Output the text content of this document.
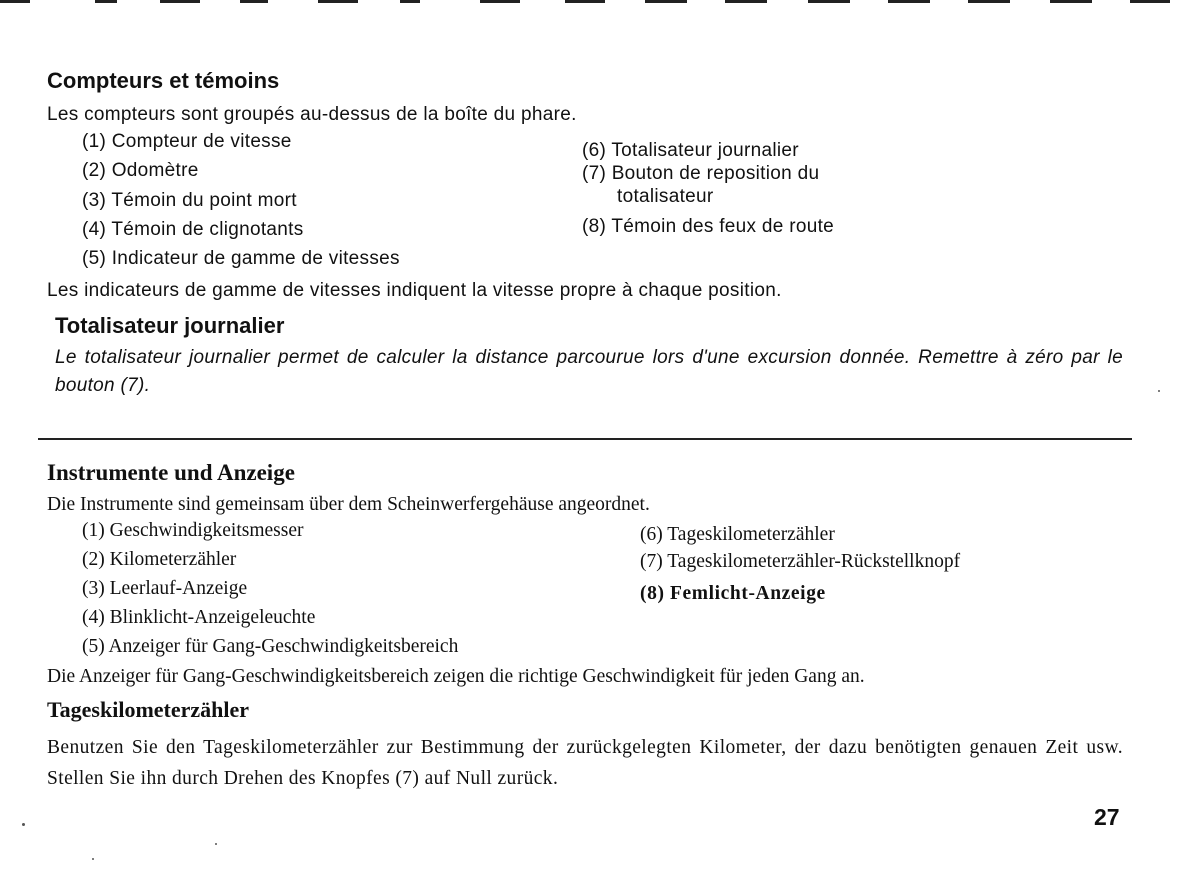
Compteurs et témoins
Les compteurs sont groupés au-dessus de la boîte du phare.
(1) Compteur de vitesse
(2) Odomètre
(3) Témoin du point mort
(4) Témoin de clignotants
(5) Indicateur de gamme de vitesses
(6) Totalisateur journalier
(7) Bouton de reposition du
totalisateur
(8) Témoin des feux de route
Les indicateurs de gamme de vitesses indiquent la vitesse propre à chaque position.
Totalisateur journalier
Le totalisateur journalier permet de calculer la distance parcourue lors d'une excursion donnée. Remettre à zéro par le bouton (7).
Instrumente und Anzeige
Die Instrumente sind gemeinsam über dem Scheinwerfergehäuse angeordnet.
(1) Geschwindigkeitsmesser
(2) Kilometerzähler
(3) Leerlauf-Anzeige
(4) Blinklicht-Anzeigeleuchte
(5) Anzeiger für Gang-Geschwindigkeitsbereich
(6) Tageskilometerzähler
(7) Tageskilometerzähler-Rückstellknopf
(8) Femlicht-Anzeige
Die Anzeiger für Gang-Geschwindigkeitsbereich zeigen die richtige Geschwindigkeit für jeden Gang an.
Tageskilometerzähler
Benutzen Sie den Tageskilometerzähler zur Bestimmung der zurückgelegten Kilometer, der dazu benötigten genauen Zeit usw. Stellen Sie ihn durch Drehen des Knopfes (7) auf Null zurück.
27
